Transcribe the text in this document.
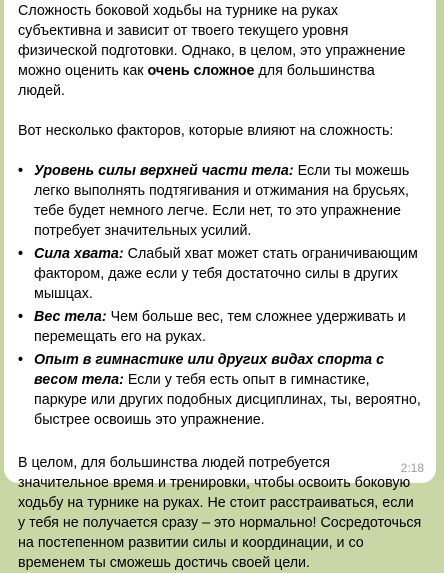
Сложность боковой ходьбы на турнике на руках субъективна и зависит от твоего текущего уровня физической подготовки. Однако, в целом, это упражнение можно оценить как очень сложное для большинства людей.

Вот несколько факторов, которые влияют на сложность:

• Уровень силы верхней части тела: Если ты можешь легко выполнять подтягивания и отжимания на брусьях, тебе будет немного легче. Если нет, то это упражнение потребует значительных усилий.
• Сила хвата: Слабый хват может стать ограничивающим фактором, даже если у тебя достаточно силы в других мышцах.
• Вес тела: Чем больше вес, тем сложнее удерживать и перемещать его на руках.
• Опыт в гимнастике или других видах спорта с весом тела: Если у тебя есть опыт в гимнастике, паркуре или других подобных дисциплинах, ты, вероятно, быстрее освоишь это упражнение.

В целом, для большинства людей потребуется значительное время и тренировки, чтобы освоить боковую ходьбу на турнике на руках. Не стоит расстраиваться, если у тебя не получается сразу – это нормально! Сосредоточься на постепенном развитии силы и координации, и со временем ты сможешь достичь своей цели.

2:18
